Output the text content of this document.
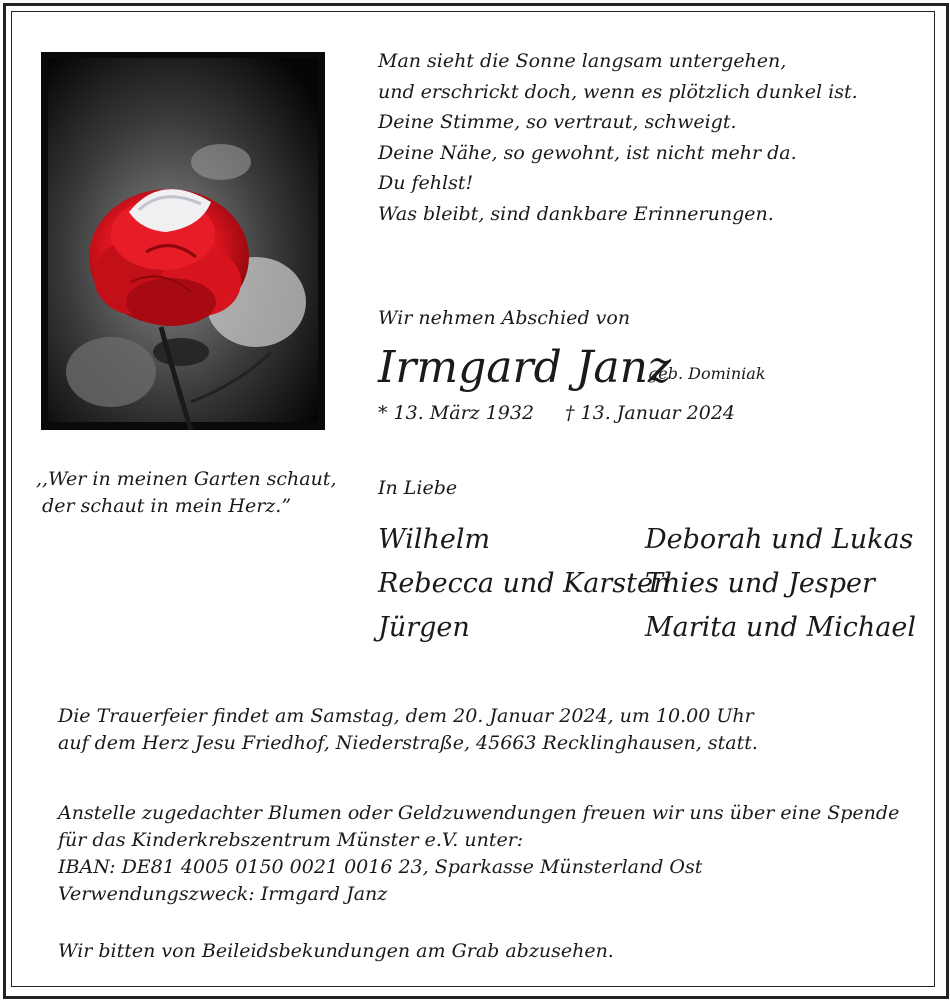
Man sieht die Sonne langsam untergehen,
und erschrickt doch, wenn es plötzlich dunkel ist.
Deine Stimme, so vertraut, schweigt.
Deine Nähe, so gewohnt, ist nicht mehr da.
Du fehlst!
Was bleibt, sind dankbare Erinnerungen.
,,Wer in meinen Garten schaut,
der schaut in mein Herz.”
Wir nehmen Abschied von
Irmgard Janz
geb. Dominiak
* 13. März 1932 † 13. Januar 2024
In Liebe
Wilhelm
Rebecca und Karsten
Jürgen
Deborah und Lukas
Thies und Jesper
Marita und Michael
Die Trauerfeier findet am Samstag, dem 20. Januar 2024, um 10.00 Uhr
auf dem Herz Jesu Friedhof, Niederstraße, 45663 Recklinghausen, statt.
Anstelle zugedachter Blumen oder Geldzuwendungen freuen wir uns über eine Spende
für das Kinderkrebszentrum Münster e.V. unter:
IBAN: DE81 4005 0150 0021 0016 23, Sparkasse Münsterland Ost
Verwendungszweck: Irmgard Janz
Wir bitten von Beileidsbekundungen am Grab abzusehen.
